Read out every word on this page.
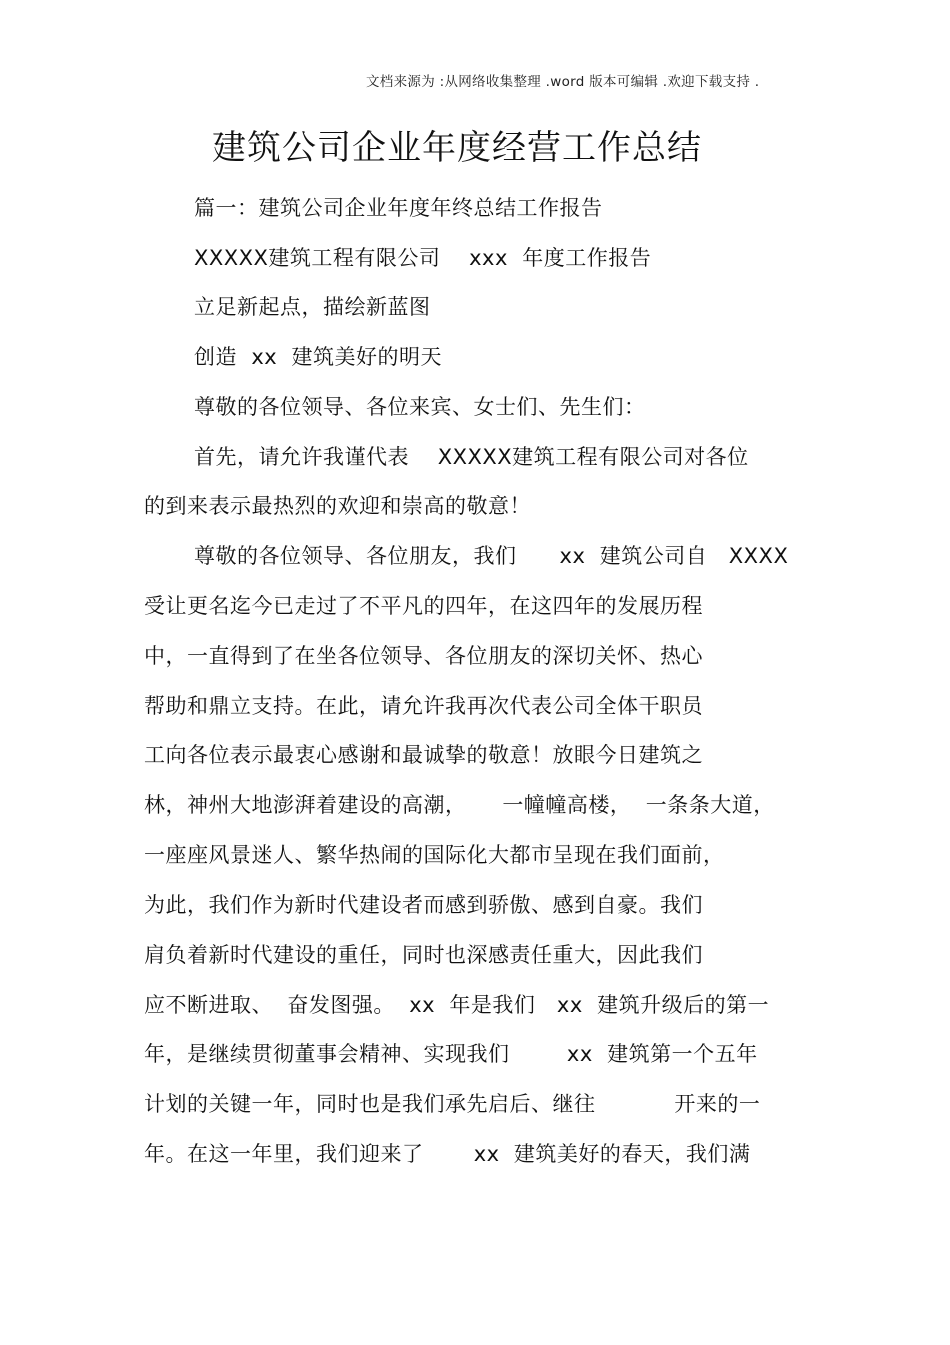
文档来源为 :从网络收集整理 .word 版本可编辑 .欢迎下载支持 .
建筑公司企业年度经营工作总结
篇一：建筑公司企业年度年终总结工作报告
XXXXX建筑工程有限公司    xxx  年度工作报告
立足新起点，描绘新蓝图
创造  xx  建筑美好的明天
尊敬的各位领导、各位来宾、女士们、先生们：
首先，请允许我谨代表    XXXXX建筑工程有限公司对各位
的到来表示最热烈的欢迎和崇高的敬意！
尊敬的各位领导、各位朋友，我们      xx  建筑公司自   XXXX
受让更名迄今已走过了不平凡的四年，在这四年的发展历程
中，一直得到了在坐各位领导、各位朋友的深切关怀、热心
帮助和鼎立支持。在此，请允许我再次代表公司全体干职员
工向各位表示最衷心感谢和最诚挚的敬意！放眼今日建筑之
林，神州大地澎湃着建设的高潮，     一幢幢高楼，  一条条大道，
一座座风景迷人、繁华热闹的国际化大都市呈现在我们面前，
为此，我们作为新时代建设者而感到骄傲、感到自豪。我们
肩负着新时代建设的重任，同时也深感责任重大，因此我们
应不断进取、  奋发图强。  xx  年是我们   xx  建筑升级后的第一
年，是继续贯彻董事会精神、实现我们        xx  建筑第一个五年
计划的关键一年，同时也是我们承先启后、继往           开来的一
年。在这一年里，我们迎来了       xx  建筑美好的春天，我们满
